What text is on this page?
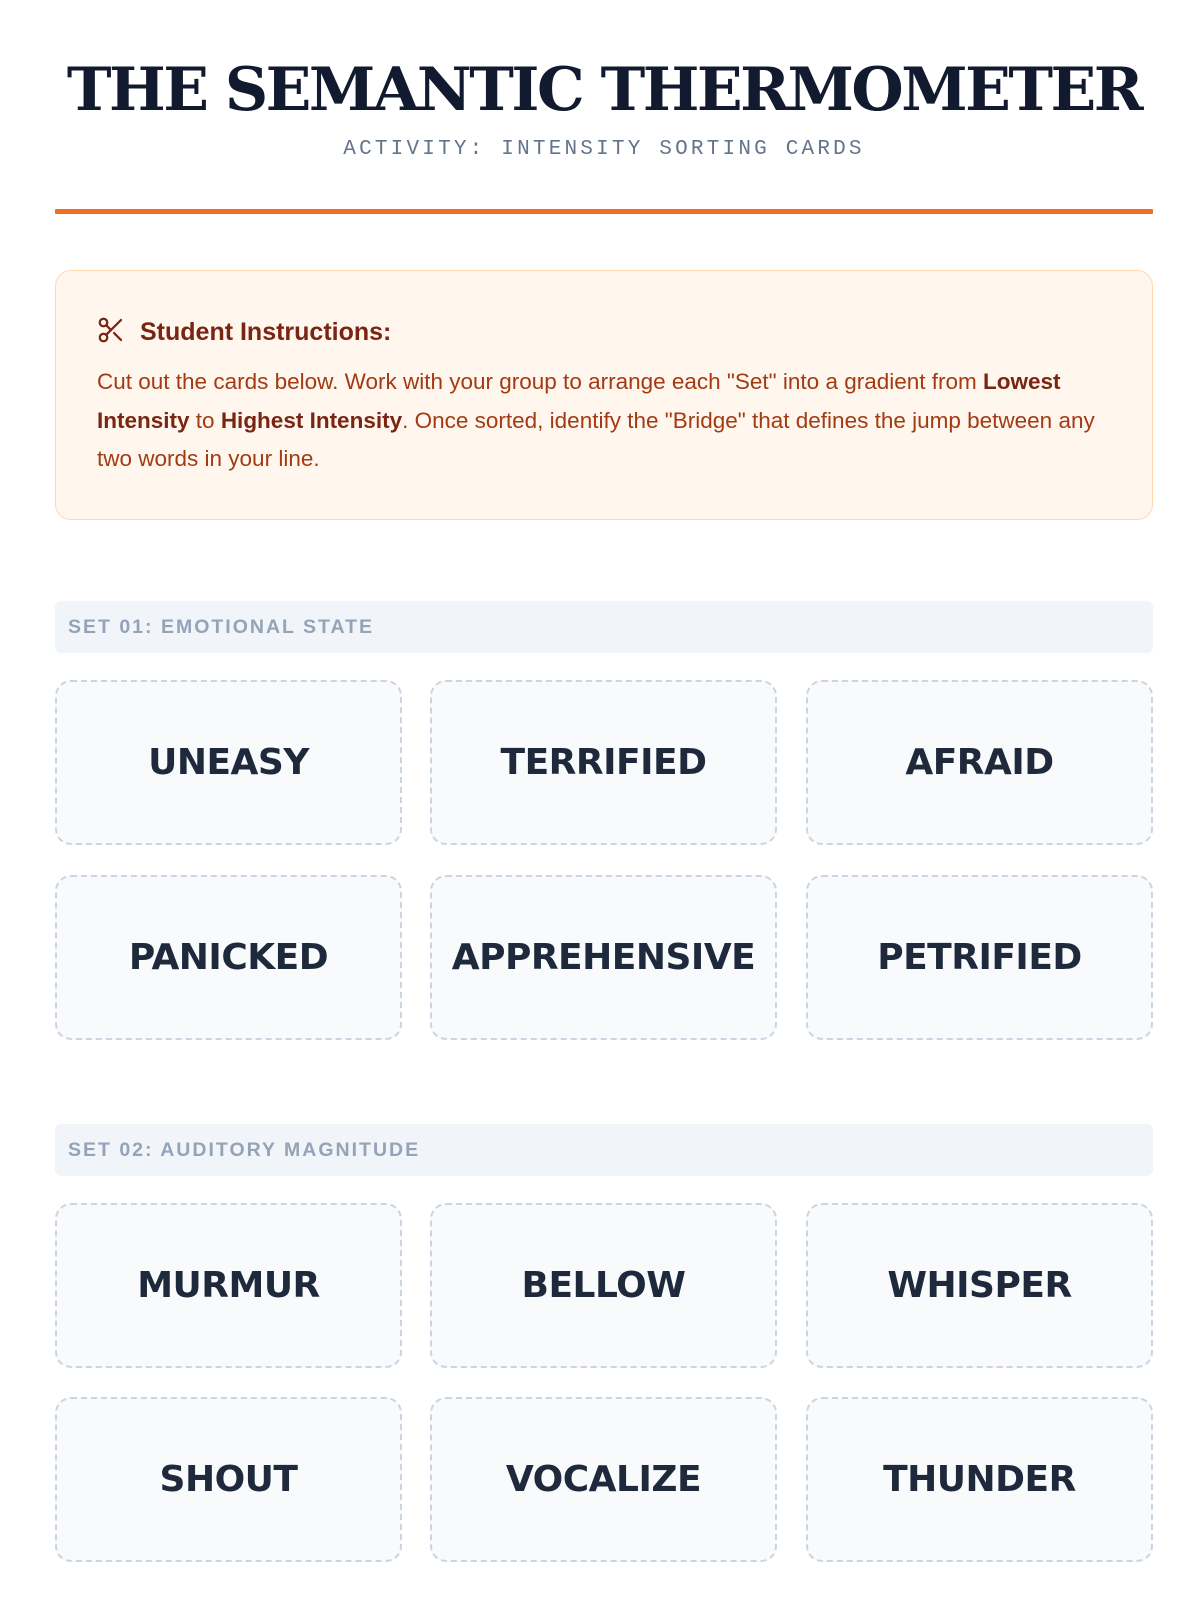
THE SEMANTIC THERMOMETER
ACTIVITY: INTENSITY SORTING CARDS
Student Instructions:

Cut out the cards below. Work with your group to arrange each "Set" into a gradient from Lowest Intensity to Highest Intensity. Once sorted, identify the "Bridge" that defines the jump between any two words in your line.

SET 01: EMOTIONAL STATE
UNEASY	TERRIFIED	AFRAID
PANICKED	APPREHENSIVE	PETRIFIED
SET 02: AUDITORY MAGNITUDE
MURMUR	BELLOW	WHISPER
SHOUT	VOCALIZE	THUNDER
